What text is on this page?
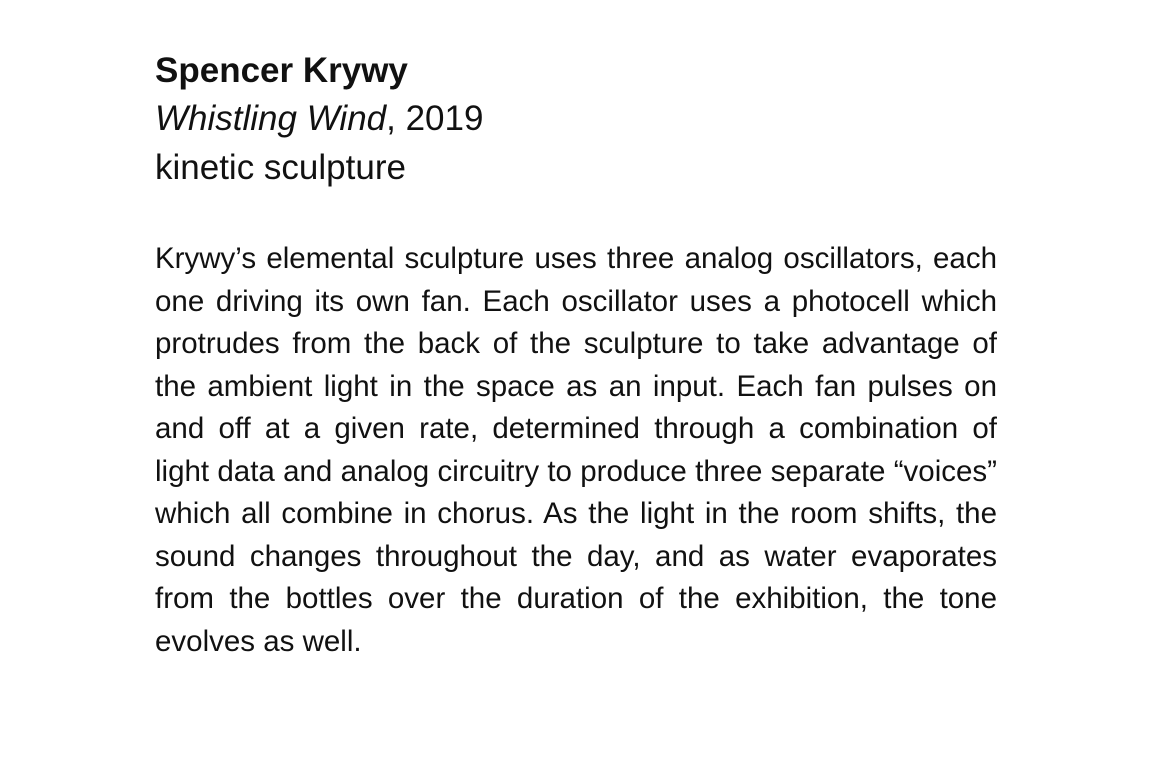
Spencer Krywy

Whistling Wind, 2019

kinetic sculpture

Krywy’s elemental sculpture uses three analog oscillators, each one driving its own fan. Each oscillator uses a photocell which protrudes from the back of the sculpture to take advantage of the ambient light in the space as an input. Each fan pulses on and off at a given rate, determined through a combination of light data and analog circuitry to produce three separate “voices” which all combine in chorus. As the light in the room shifts, the sound changes throughout the day, and as water evaporates from the bottles over the duration of the exhibition, the tone evolves as well.
